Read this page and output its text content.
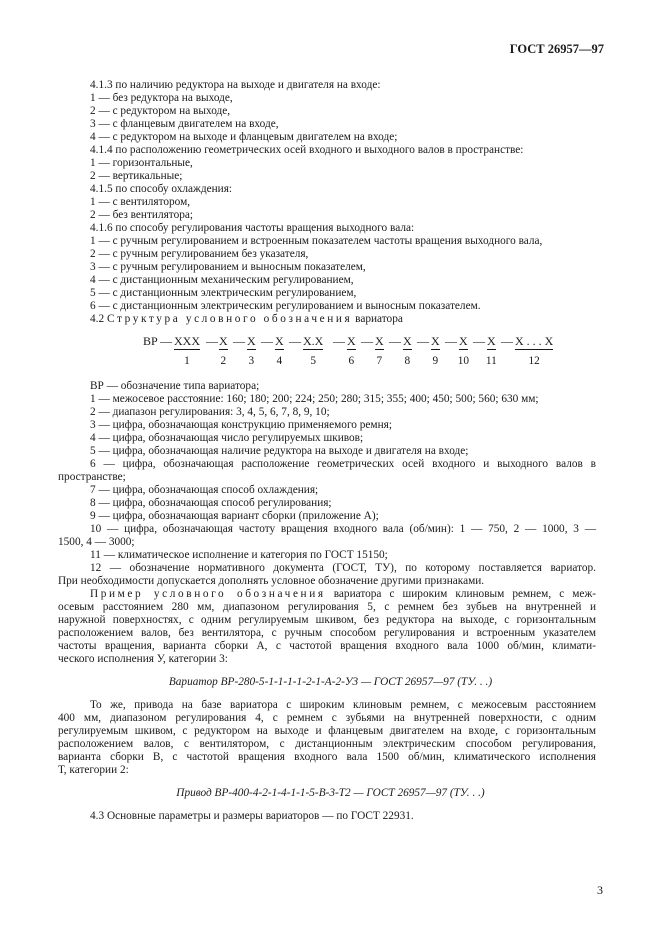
ГОСТ 26957—97
4.1.3 по наличию редуктора на выходе и двигателя на входе:
1 — без редуктора на выходе,
2 — с редуктором на выходе,
3 — с фланцевым двигателем на входе,
4 — с редуктором на выходе и фланцевым двигателем на входе;
4.1.4 по расположению геометрических осей входного и выходного валов в пространстве:
1 — горизонтальные,
2 — вертикальные;
4.1.5 по способу охлаждения:
1 — с вентилятором,
2 — без вентилятора;
4.1.6 по способу регулирования частоты вращения выходного вала:
1 — с ручным регулированием и встроенным показателем частоты вращения выходного вала,
2 — с ручным регулированием без указателя,
3 — с ручным регулированием и выносным показателем,
4 — с дистанционным механическим регулированием,
5 — с дистанционным электрическим регулированием,
6 — с дистанционным электрическим регулированием и выносным показателем.
4.2 Структура условного обозначения вариатора
ВР — XXX
1
— X
2
— X
3
— X
4
— X.X
5
— X
6
— X
7
— X
8
— X
9
— X
10
— X
11
— X . . . X
12
ВР — обозначение типа вариатора;
1 — межосевое расстояние: 160; 180; 200; 224; 250; 280; 315; 355; 400; 450; 500; 560; 630 мм;
2 — диапазон регулирования: 3, 4, 5, 6, 7, 8, 9, 10;
3 — цифра, обозначающая конструкцию применяемого ремня;
4 — цифра, обозначающая число регулируемых шкивов;
5 — цифра, обозначающая наличие редуктора на выходе и двигателя на входе;
6 — цифра, обозначающая расположение геометрических осей входного и выходного валов в
пространстве;
7 — цифра, обозначающая способ охлаждения;
8 — цифра, обозначающая способ регулирования;
9 — цифра, обозначающая вариант сборки (приложение А);
10 — цифра, обозначающая частоту вращения входного вала (об/мин): 1 — 750, 2 — 1000, 3 —
1500, 4 — 3000;
11 — климатическое исполнение и категория по ГОСТ 15150;
12 — обозначение нормативного документа (ГОСТ, ТУ), по которому поставляется вариатор.
При необходимости допускается дополнять условное обозначение другими признаками.
Пример условного обозначения вариатора с широким клиновым ремнем, с меж-
осевым расстоянием 280 мм, диапазоном регулирования 5, с ремнем без зубьев на внутренней и
наружной поверхностях, с одним регулируемым шкивом, без редуктора на выходе, с горизонтальным
расположением валов, без вентилятора, с ручным способом регулирования и встроенным указателем
частоты вращения, варианта сборки А, с частотой вращения входного вала 1000 об/мин, климати-
ческого исполнения У, категории 3:
Вариатор ВР-280-5-1-1-1-1-2-1-А-2-У3 — ГОСТ 26957—97 (ТУ. . .)
То же, привода на базе вариатора с широким клиновым ремнем, с межосевым расстоянием
400 мм, диапазоном регулирования 4, с ремнем с зубьями на внутренней поверхности, с одним
регулируемым шкивом, с редуктором на выходе и фланцевым двигателем на входе, с горизонтальным
расположением валов, с вентилятором, с дистанционным электрическим способом регулирования,
варианта сборки В, с частотой вращения входного вала 1500 об/мин, климатического исполнения
Т, категории 2:
Привод ВР-400-4-2-1-4-1-1-5-В-3-Т2 — ГОСТ 26957—97 (ТУ. . .)
4.3 Основные параметры и размеры вариаторов — по ГОСТ 22931.
3
